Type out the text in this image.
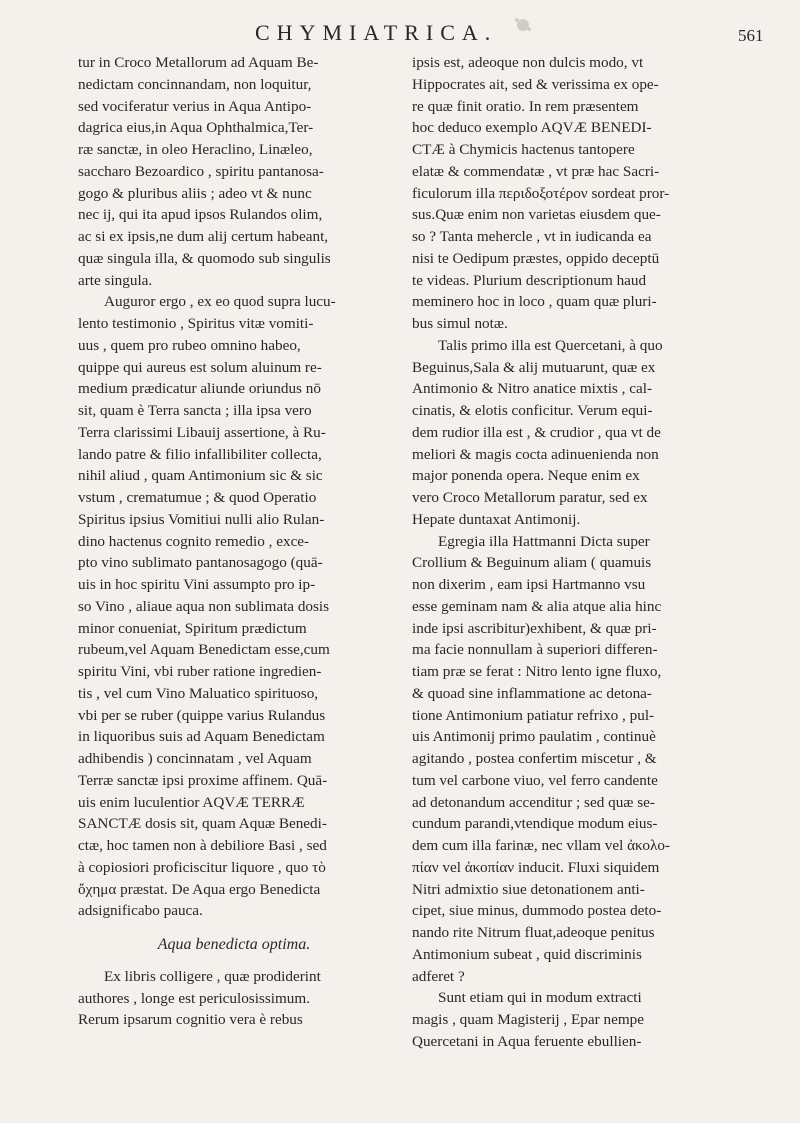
CHYMIATRICA.	561

tur in Croco Metallorum ad Aquam Be-
nedictam concinnandam, non loquitur,
sed vociferatur verius in Aqua Antipo-
dagrica eius,in Aqua Ophthalmica,Ter-
ræ sanctæ, in oleo Heraclino, Linæleo,
saccharo Bezoardico , spiritu pantanosa-
gogo & pluribus aliis ; adeo vt & nunc
nec ij, qui ita apud ipsos Rulandos olim,
ac si ex ipsis,ne dum alij certum habeant,
quæ singula illa, & quomodo sub singulis
arte singula.

Auguror ergo , ex eo quod supra lucu-
lento testimonio , Spiritus vitæ vomiti-
uus , quem pro rubeo omnino habeo,
quippe qui aureus est solum aluinum re-
medium prædicatur aliunde oriundus nō
sit, quam è Terra sancta ; illa ipsa vero
Terra clarissimi Libauij assertione, à Ru-
lando patre & filio infallibiliter collecta,
nihil aliud , quam Antimonium sic & sic
vstum , crematumue ; & quod Operatio
Spiritus ipsius Vomitiui nulli alio Rulan-
dino hactenus cognito remedio , exce-
pto vino sublimato pantanosagogo (quā-
uis in hoc spiritu Vini assumpto pro ip-
so Vino , aliaue aqua non sublimata dosis
minor conueniat, Spiritum prædictum
rubeum,vel Aquam Benedictam esse,cum
spiritu Vini, vbi ruber ratione ingredien-
tis , vel cum Vino Maluatico spirituoso,
vbi per se ruber (quippe varius Rulandus
in liquoribus suis ad Aquam Benedictam
adhibendis ) concinnatam , vel Aquam
Terræ sanctæ ipsi proxime affinem. Quā-
uis enim luculentior AQVÆ TERRÆ
SANCTÆ dosis sit, quam Aquæ Benedi-
ctæ, hoc tamen non à debiliore Basi , sed
à copiosiori proficiscitur liquore , quo τὸ
ὄχημα præstat. De Aqua ergo Benedicta
adsignificabo pauca.

Aqua benedicta optima.

Ex libris colligere , quæ prodiderint
authores , longe est periculosissimum.
Rerum ipsarum cognitio vera è rebus

ipsis est, adeoque non dulcis modo, vt
Hippocrates ait, sed & verissima ex ope-
re quæ finit oratio. In rem præsentem
hoc deduco exemplo AQVÆ BENEDI-
CTÆ à Chymicis hactenus tantopere
elatæ & commendatæ , vt præ hac Sacri-
ficulorum illa περιδοξοτέρον sordeat pror-
sus.Quæ enim non varietas eiusdem que-
so ? Tanta mehercle , vt in iudicanda ea
nisi te Oedipum præstes, oppido deceptū
te videas. Plurium descriptionum haud
meminero hoc in loco , quam quæ pluri-
bus simul notæ.

Talis primo illa est Quercetani, à quo
Beguinus,Sala & alij mutuarunt, quæ ex
Antimonio & Nitro anatice mixtis , cal-
cinatis, & elotis conficitur. Verum equi-
dem rudior illa est , & crudior , qua vt de
meliori & magis cocta adinuenienda non
major ponenda opera. Neque enim ex
vero Croco Metallorum paratur, sed ex
Hepate duntaxat Antimonij.

Egregia illa Hattmanni Dicta super
Crollium & Beguinum aliam ( quamuis
non dixerim , eam ipsi Hartmanno vsu
esse geminam nam & alia atque alia hinc
inde ipsi ascribitur)exhibent, & quæ pri-
ma facie nonnullam à superiori differen-
tiam præ se ferat : Nitro lento igne fluxo,
& quoad sine inflammatione ac detona-
tione Antimonium patiatur refrixo , pul-
uis Antimonij primo paulatim , continuè
agitando , postea confertim miscetur , &
tum vel carbone viuo, vel ferro candente
ad detonandum accenditur ; sed quæ se-
cundum parandi,vtendique modum eius-
dem cum illa farinæ, nec vllam vel ἀκολο-
πίαν vel ἀκοπίαν inducit. Fluxi siquidem
Nitri admixtio siue detonationem anti-
cipet, siue minus, dummodo postea deto-
nando rite Nitrum fluat,adeoque penitus
Antimonium subeat , quid discriminis
adferet ?

Sunt etiam qui in modum extracti
magis , quam Magisterij , Epar nempe
Quercetani in Aqua feruente ebullien-
